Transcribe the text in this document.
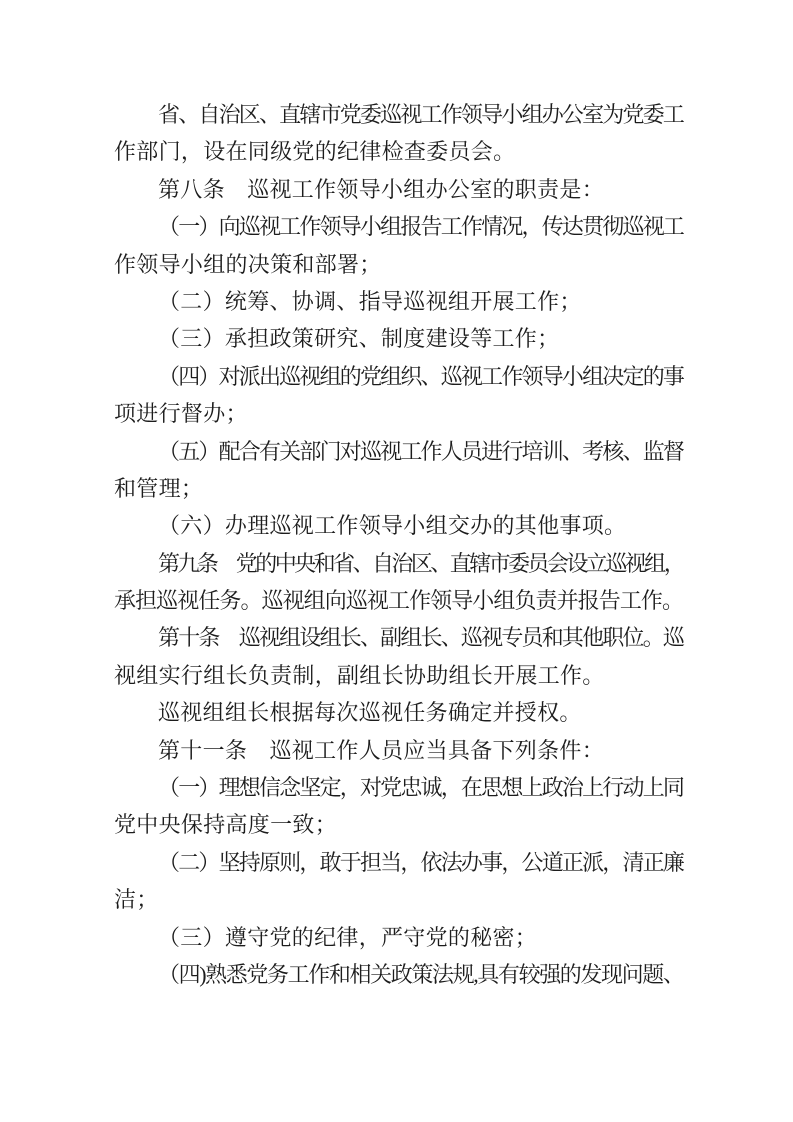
省、自治区、直辖市党委巡视工作领导小组办公室为党委工
作部门，设在同级党的纪律检查委员会。
第八条　巡视工作领导小组办公室的职责是：
（一）向巡视工作领导小组报告工作情况，传达贯彻巡视工
作领导小组的决策和部署；
（二）统筹、协调、指导巡视组开展工作；
（三）承担政策研究、制度建设等工作；
（四）对派出巡视组的党组织、巡视工作领导小组决定的事
项进行督办；
（五）配合有关部门对巡视工作人员进行培训、考核、监督
和管理；
（六）办理巡视工作领导小组交办的其他事项。
第九条　党的中央和省、自治区、直辖市委员会设立巡视组，
承担巡视任务。巡视组向巡视工作领导小组负责并报告工作。
第十条　巡视组设组长、副组长、巡视专员和其他职位。巡
视组实行组长负责制，副组长协助组长开展工作。
巡视组组长根据每次巡视任务确定并授权。
第十一条　巡视工作人员应当具备下列条件：
（一）理想信念坚定，对党忠诚，在思想上政治上行动上同
党中央保持高度一致；
（二）坚持原则，敢于担当，依法办事，公道正派，清正廉
洁；
（三）遵守党的纪律，严守党的秘密；
（四)熟悉党务工作和相关政策法规,具有较强的发现问题、
